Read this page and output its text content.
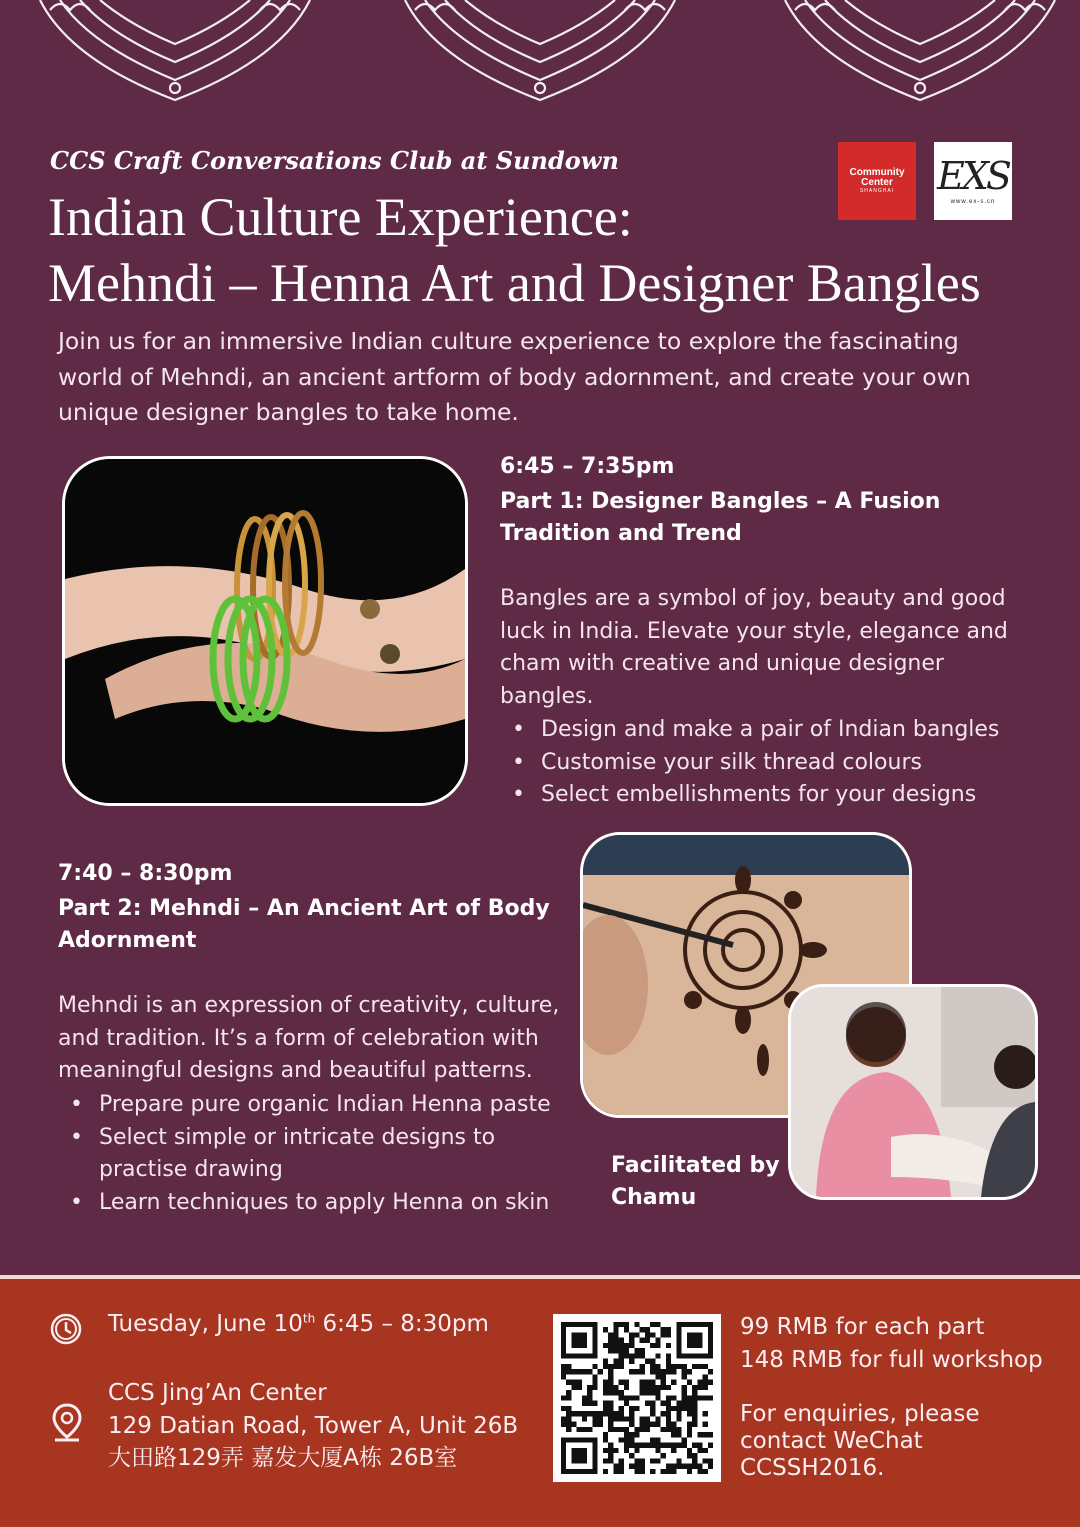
Community Center
SHANGHAI EXS
www.ex-s.cn
CCS Craft Conversations Club at Sundown
Indian Culture Experience:
Mehndi – Henna Art and Designer Bangles

Join us for an immersive Indian culture experience to explore the fascinating world of Mehndi, an ancient artform of body adornment, and create your own unique designer bangles to take home.

6:45 – 7:35pm
Part 1: Designer Bangles – A Fusion Tradition and Trend

Bangles are a symbol of joy, beauty and good luck in India. Elevate your style, elegance and cham with creative and unique designer bangles.

• Design and make a pair of Indian bangles
• Customise your silk thread colours
• Select embellishments for your designs
7:40 – 8:30pm
Part 2: Mehndi – An Ancient Art of Body Adornment

Mehndi is an expression of creativity, culture, and tradition. It’s a form of celebration with meaningful designs and beautiful patterns.

• Prepare pure organic Indian Henna paste
• Select simple or intricate designs to practise drawing
• Learn techniques to apply Henna on skin
Facilitated by Chamu
Tuesday, June 10th 6:45 – 8:30pm
CCS Jing’An Center
129 Datian Road, Tower A, Unit 26B
大田路129弄 嘉发大厦A栋 26B室
99 RMB for each part
148 RMB for full workshop

For enquiries, please contact WeChat CCSSH2016.
